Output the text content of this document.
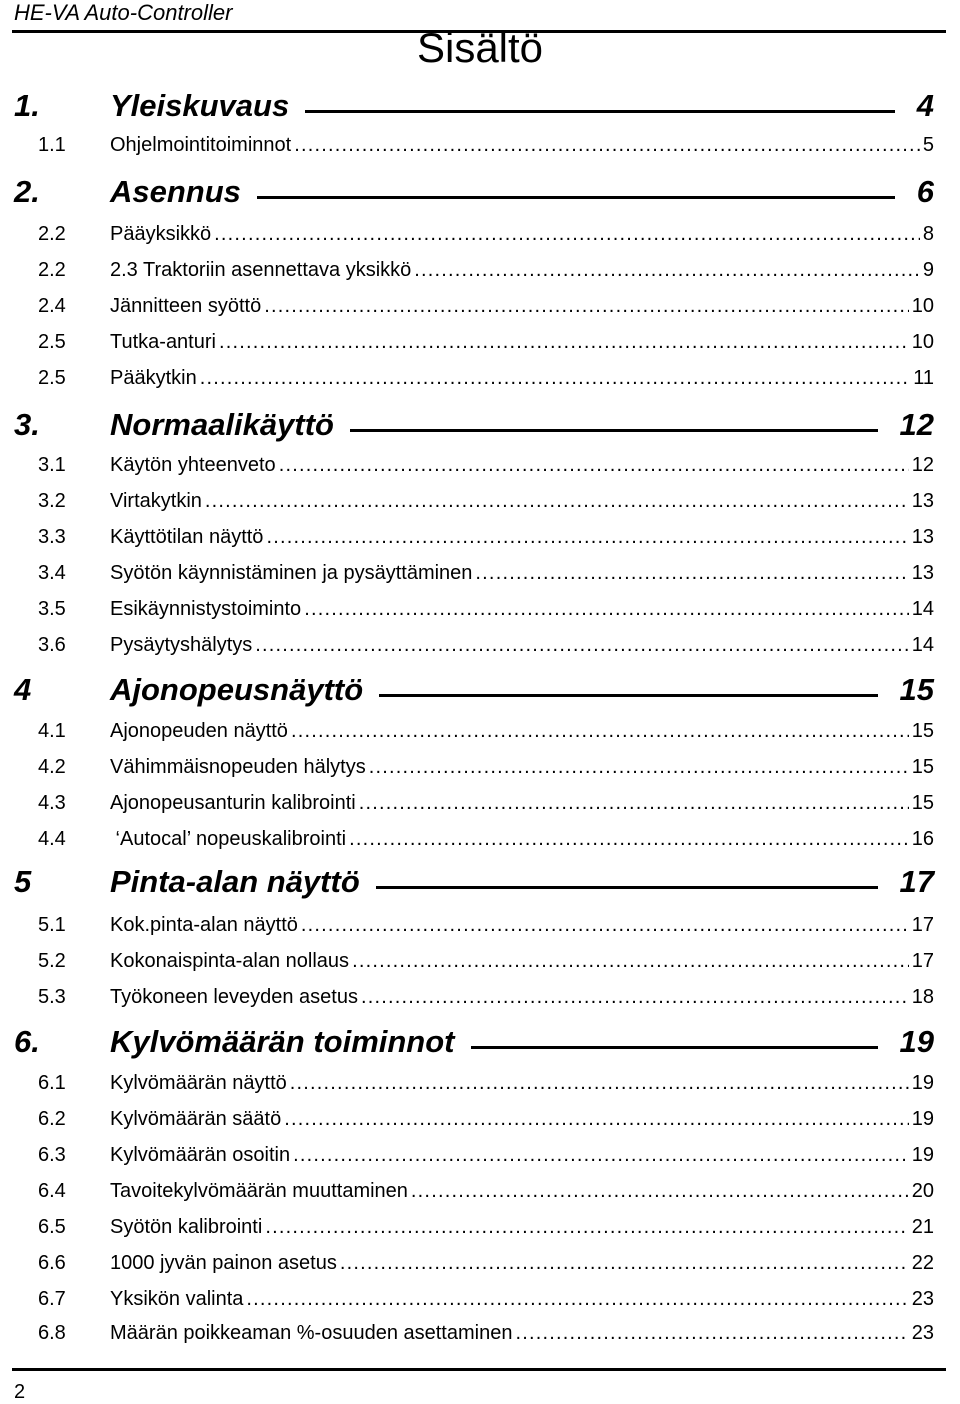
HE-VA Auto-Controller
Sisältö
1. Yleiskuvaus	4
1.1 Ohjelmointitoiminnot .....	5
2. Asennus	6
2.2 Pääyksikkö .....	8
2.2 2.3 Traktoriin asennettava yksikkö .....	9
2.4 Jännitteen syöttö .....	10
2.5 Tutka-anturi .....	10
2.5 Pääkytkin .....	11
3. Normaalikäyttö	12
3.1 Käytön yhteenveto .....	12
3.2 Virtakytkin .....	13
3.3 Käyttötilan näyttö .....	13
3.4 Syötön käynnistäminen ja pysäyttäminen .....	13
3.5 Esikäynnistystoiminto .....	14
3.6 Pysäytyshälytys .....	14
4	Ajonopeusnäyttö	15
4.1 Ajonopeuden näyttö .....	15
4.2 Vähimmäisnopeuden hälytys .....	15
4.3 Ajonopeusanturin kalibrointi .....	15
4.4 ‘Autocal’ nopeuskalibrointi .....	16
5	Pinta-alan näyttö	17
5.1 Kok.pinta-alan näyttö .....	17
5.2 Kokonaispinta-alan nollaus .....	17
5.3 Työkoneen leveyden asetus .....	18
6. Kylvömäärän toiminnot	19
6.1 Kylvömäärän näyttö .....	19
6.2 Kylvömäärän säätö .....	19
6.3 Kylvömäärän osoitin .....	19
6.4 Tavoitekylvömäärän muuttaminen .....	20
6.5 Syötön kalibrointi .....	21
6.6 1000 jyvän painon asetus .....	22
6.7 Yksikön valinta .....	23
6.8 Määrän poikkeaman %-osuuden asettaminen .....	23
2
